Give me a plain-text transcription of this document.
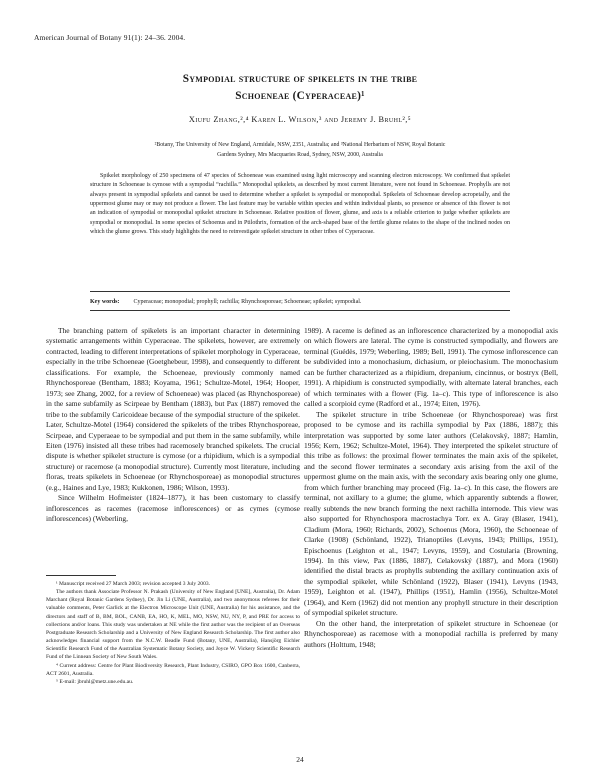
American Journal of Botany 91(1): 24–36. 2004.
Sympodial structure of spikelets in the tribe
Schoeneae (Cyperaceae)¹
Xiufu Zhang,²,⁴ Karen L. Wilson,³ and Jeremy J. Bruhl²,⁵
²Botany, The University of New England, Armidale, NSW, 2351, Australia; and ³National Herbarium of NSW, Royal Botanic
Gardens Sydney, Mrs Macquaries Road, Sydney, NSW, 2000, Australia
Spikelet morphology of 250 specimens of 47 species of Schoeneae was examined using light microscopy and scanning electron microscopy. We confirmed that spikelet structure in Schoeneae is cymose with a sympodial “rachilla.” Monopodial spikelets, as described by most current literature, were not found in Schoeneae. Prophylls are not always present in sympodial spikelets and cannot be used to determine whether a spikelet is sympodial or monopodial. Spikelets of Schoeneae develop acropetally, and the uppermost glume may or may not produce a flower. The last feature may be variable within species and within individual plants, so presence or absence of this flower is not an indication of sympodial or monopodial spikelet structure in Schoeneae. Relative position of flower, glume, and axis is a reliable criterion to judge whether spikelets are sympodial or monopodial. In some species of Schoenus and in Ptilothrix, formation of the arch-shaped base of the fertile glume relates to the shape of the inclined nodes on which the glume grows. This study highlights the need to reinvestigate spikelet structure in other tribes of Cyperaceae.
Key words: Cyperaceae; monopodial; prophyll; rachilla; Rhynchosporeae; Schoeneae; spikelet; sympodial.

The branching pattern of spikelets is an important character in determining systematic arrangements within Cyperaceae. The spikelets, however, are extremely contracted, leading to different interpretations of spikelet morphology in Cyperaceae, especially in the tribe Schoeneae (Goetghebeur, 1998), and consequently to different classifications. For example, the Schoeneae, previously commonly named Rhynchosporeae (Bentham, 1883; Koyama, 1961; Schultze-Motel, 1964; Hooper, 1973; see Zhang, 2002, for a review of Schoeneae) was placed (as Rhynchosporeae) in the same subfamily as Scirpeae by Bentham (1883), but Pax (1887) removed the tribe to the subfamily Caricoideae because of the sympodial structure of the spikelet. Later, Schultze-Motel (1964) considered the spikelets of the tribes Rhynchosporeae, Scirpeae, and Cyperaeae to be sympodial and put them in the same subfamily, while Eiten (1976) insisted all these tribes had racemosely branched spikelets. The crucial dispute is whether spikelet structure is cymose (or a rhipidium, which is a sympodial structure) or racemose (a monopodial structure). Currently most literature, including floras, treats spikelets in Schoeneae (or Rhynchosporeae) as monopodial structures (e.g., Haines and Lye, 1983; Kukkonen, 1986; Wilson, 1993).

Since Wilhelm Hofmeister (1824–1877), it has been customary to classify inflorescences as racemes (racemose inflorescences) or as cymes (cymose inflorescences) (Weberling,

¹ Manuscript received 27 March 2003; revision accepted 3 July 2003.

The authors thank Associate Professor N. Prakash (University of New England [UNE], Australia), Dr. Adam Marchant (Royal Botanic Gardens Sydney), Dr. Jin Li (UNE, Australia), and two anonymous referees for their valuable comments, Peter Garlick at the Electron Microscope Unit (UNE, Australia) for his assistance, and the directors and staff of B, BM, BOL, CANB, EA, HO, K, MEL, MO, NSW, NU, NY, P, and PRE for access to collections and/or loans. This study was undertaken at NE while the first author was the recipient of an Overseas Postgraduate Research Scholarship and a University of New England Research Scholarship. The first author also acknowledges financial support from the N.C.W. Beadle Fund (Botany, UNE, Australia), Hansjörg Eichler Scientific Research Fund of the Australian Systematic Botany Society, and Joyce W. Vickery Scientific Research Fund of the Linnean Society of New South Wales.

⁴ Current address: Centre for Plant Biodiversity Research, Plant Industry, CSIRO, GPO Box 1600, Canberra, ACT 2601, Australia.

⁵ E-mail: jbruhl@metz.une.edu.au.

1989). A raceme is defined as an inflorescence characterized by a monopodial axis on which flowers are lateral. The cyme is constructed sympodially, and flowers are terminal (Guédès, 1979; Weberling, 1989; Bell, 1991). The cymose inflorescence can be subdivided into a monochasium, dichasium, or pleiochasium. The monochasium can be further characterized as a rhipidium, drepanium, cincinnus, or bostryx (Bell, 1991). A rhipidium is constructed sympodially, with alternate lateral branches, each of which terminates with a flower (Fig. 1a–c). This type of inflorescence is also called a scorpioid cyme (Radford et al., 1974; Eiten, 1976).

The spikelet structure in tribe Schoeneae (or Rhynchosporeae) was first proposed to be cymose and its rachilla sympodial by Pax (1886, 1887); this interpretation was supported by some later authors (Celakovský, 1887; Hamlin, 1956; Kern, 1962; Schultze-Motel, 1964). They interpreted the spikelet structure of this tribe as follows: the proximal flower terminates the main axis of the spikelet, and the second flower terminates a secondary axis arising from the axil of the uppermost glume on the main axis, with the secondary axis bearing only one glume, from which further branching may proceed (Fig. 1a–c). In this case, the flowers are terminal, not axillary to a glume; the glume, which apparently subtends a flower, really subtends the new branch forming the next rachilla internode. This view was also supported for Rhynchospora macrostachya Torr. ex A. Gray (Blaser, 1941), Cladium (Mora, 1960; Richards, 2002), Schoenus (Mora, 1960), the Schoeneae of Clarke (1908) (Schönland, 1922), Trianoptiles (Levyns, 1943; Phillips, 1951), Epischoenus (Leighton et al., 1947; Levyns, 1959), and Costularia (Browning, 1994). In this view, Pax (1886, 1887), Celakovský (1887), and Mora (1960) identified the distal bracts as prophylls subtending the axillary continuation axis of the sympodial spikelet, while Schönland (1922), Blaser (1941), Levyns (1943, 1959), Leighton et al. (1947), Phillips (1951), Hamlin (1956), Schultze-Motel (1964), and Kern (1962) did not mention any prophyll structure in their description of sympodial spikelet structure.

On the other hand, the interpretation of spikelet structure in Schoeneae (or Rhynchosporeae) as racemose with a monopodial rachilla is preferred by many authors (Holttum, 1948;

24
